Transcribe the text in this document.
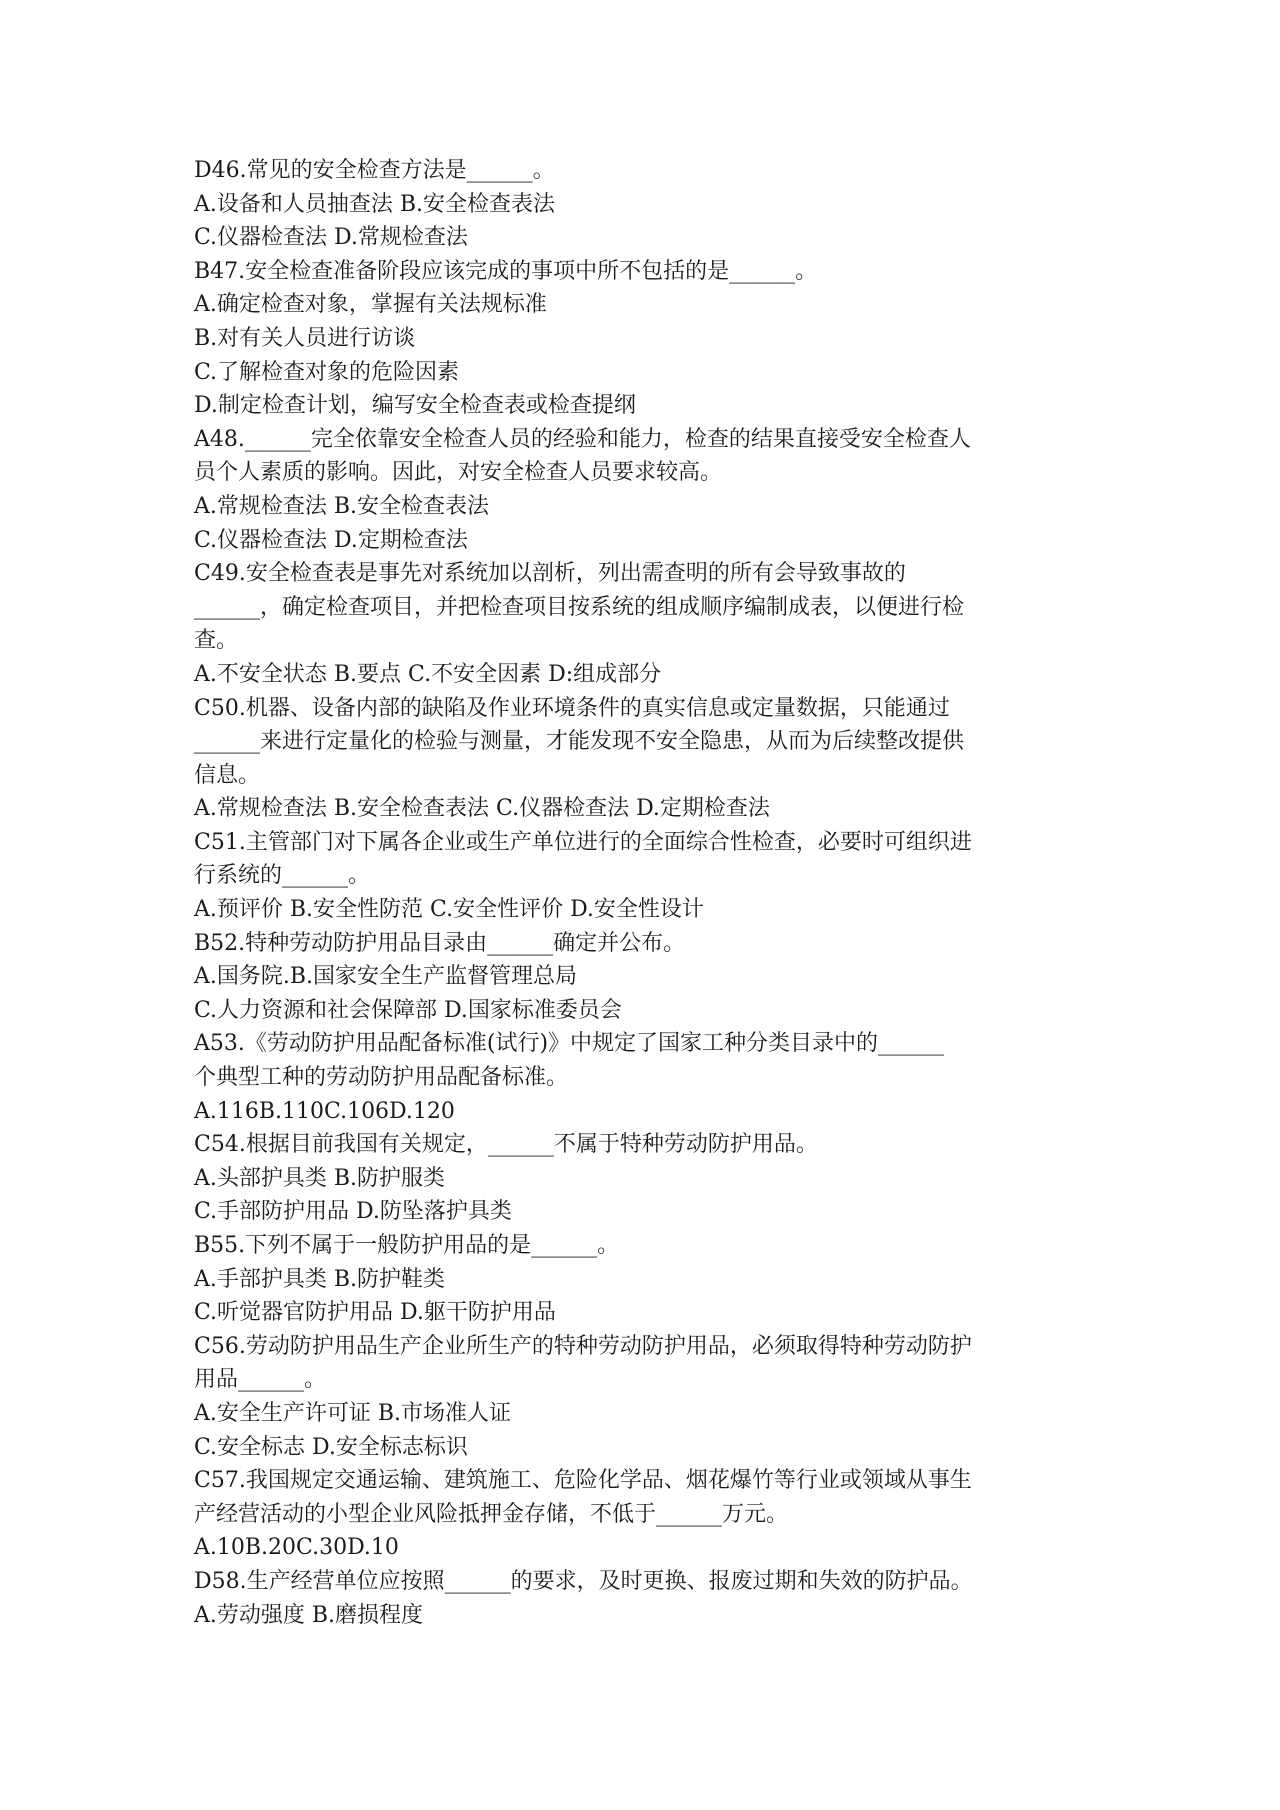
D46.常见的安全检查方法是______。
A.设备和人员抽查法 B.安全检查表法
C.仪器检查法 D.常规检查法
B47.安全检查准备阶段应该完成的事项中所不包括的是______。
A.确定检查对象，掌握有关法规标准
B.对有关人员进行访谈
C.了解检查对象的危险因素
D.制定检查计划，编写安全检查表或检查提纲
A48.______完全依靠安全检查人员的经验和能力，检查的结果直接受安全检查人
员个人素质的影响。因此，对安全检查人员要求较高。
A.常规检查法 B.安全检查表法
C.仪器检查法 D.定期检查法
C49.安全检查表是事先对系统加以剖析，列出需查明的所有会导致事故的
______，确定检查项目，并把检查项目按系统的组成顺序编制成表，以便进行检
查。
A.不安全状态 B.要点 C.不安全因素 D:组成部分
C50.机器、设备内部的缺陷及作业环境条件的真实信息或定量数据，只能通过
______来进行定量化的检验与测量，才能发现不安全隐患，从而为后续整改提供
信息。
A.常规检查法 B.安全检查表法 C.仪器检查法 D.定期检查法
C51.主管部门对下属各企业或生产单位进行的全面综合性检查，必要时可组织进
行系统的______。
A.预评价 B.安全性防范 C.安全性评价 D.安全性设计
B52.特种劳动防护用品目录由______确定并公布。
A.国务院.B.国家安全生产监督管理总局
C.人力资源和社会保障部 D.国家标准委员会
A53.《劳动防护用品配备标准(试行)》中规定了国家工种分类目录中的______
个典型工种的劳动防护用品配备标准。
A.116B.110C.106D.120
C54.根据目前我国有关规定，______不属于特种劳动防护用品。
A.头部护具类 B.防护服类
C.手部防护用品 D.防坠落护具类
B55.下列不属于一般防护用品的是______。
A.手部护具类 B.防护鞋类
C.听觉器官防护用品 D.躯干防护用品
C56.劳动防护用品生产企业所生产的特种劳动防护用品，必须取得特种劳动防护
用品______。
A.安全生产许可证 B.市场准人证
C.安全标志 D.安全标志标识
C57.我国规定交通运输、建筑施工、危险化学品、烟花爆竹等行业或领域从事生
产经营活动的小型企业风险抵押金存储，不低于______万元。
A.10B.20C.30D.10
D58.生产经营单位应按照______的要求，及时更换、报废过期和失效的防护品。
A.劳动强度 B.磨损程度
